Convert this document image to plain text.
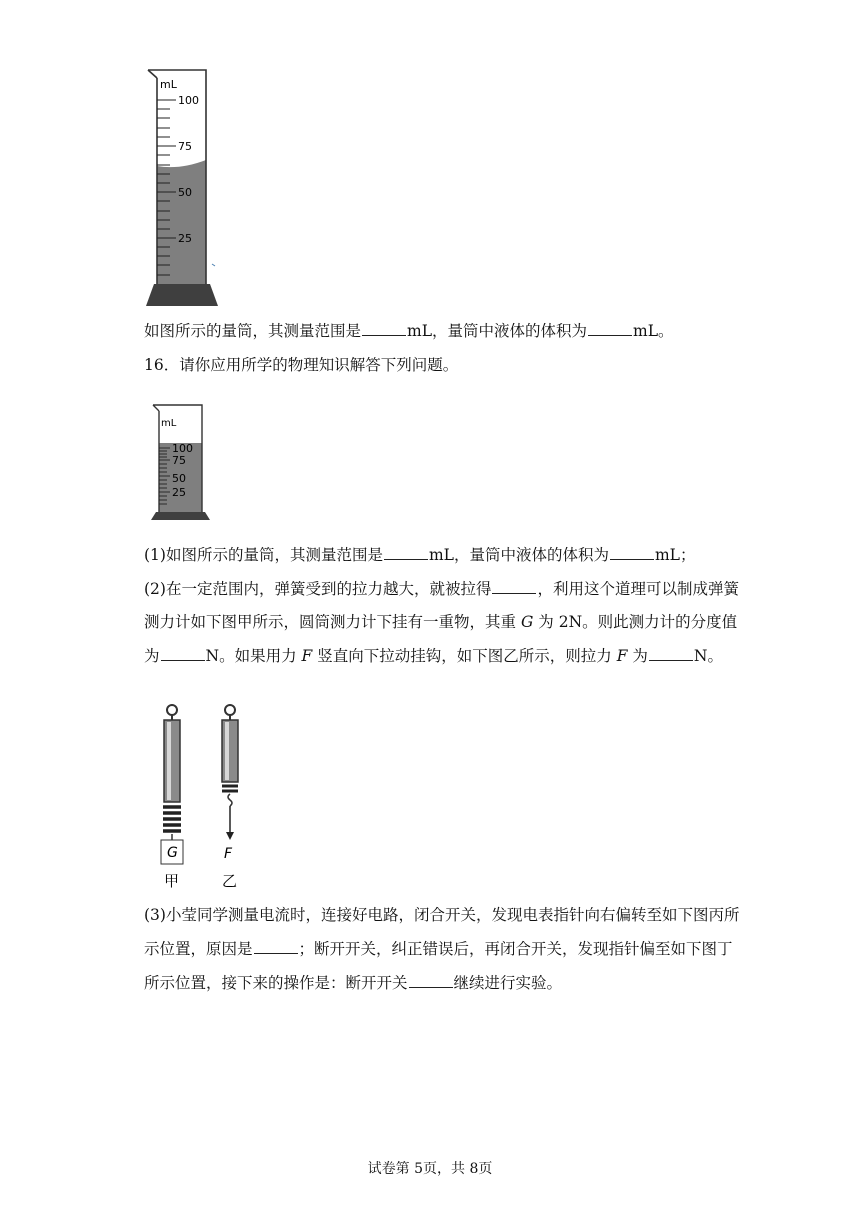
mL
100
75
50
25
如图所示的量筒，其测量范围是	mL，量筒中液体的体积为	mL。
16．请你应用所学的物理知识解答下列问题。
mL
100
75
50
25
(1)如图所示的量筒，其测量范围是	mL，量筒中液体的体积为	mL；
(2)在一定范围内，弹簧受到的拉力越大，就被拉得	，利用这个道理可以制成弹簧
测力计如下图甲所示，圆筒测力计下挂有一重物，其重 G 为 2N。则此测力计的分度值
为	N。如果用力 F 竖直向下拉动挂钩，如下图乙所示，则拉力 F 为	N。
G
甲
F
乙
(3)小莹同学测量电流时，连接好电路，闭合开关，发现电表指针向右偏转至如下图丙所
示位置，原因是	；断开开关，纠正错误后，再闭合开关，发现指针偏至如下图丁
所示位置，接下来的操作是：断开开关	继续进行实验。
试卷第 5页，共 8页
